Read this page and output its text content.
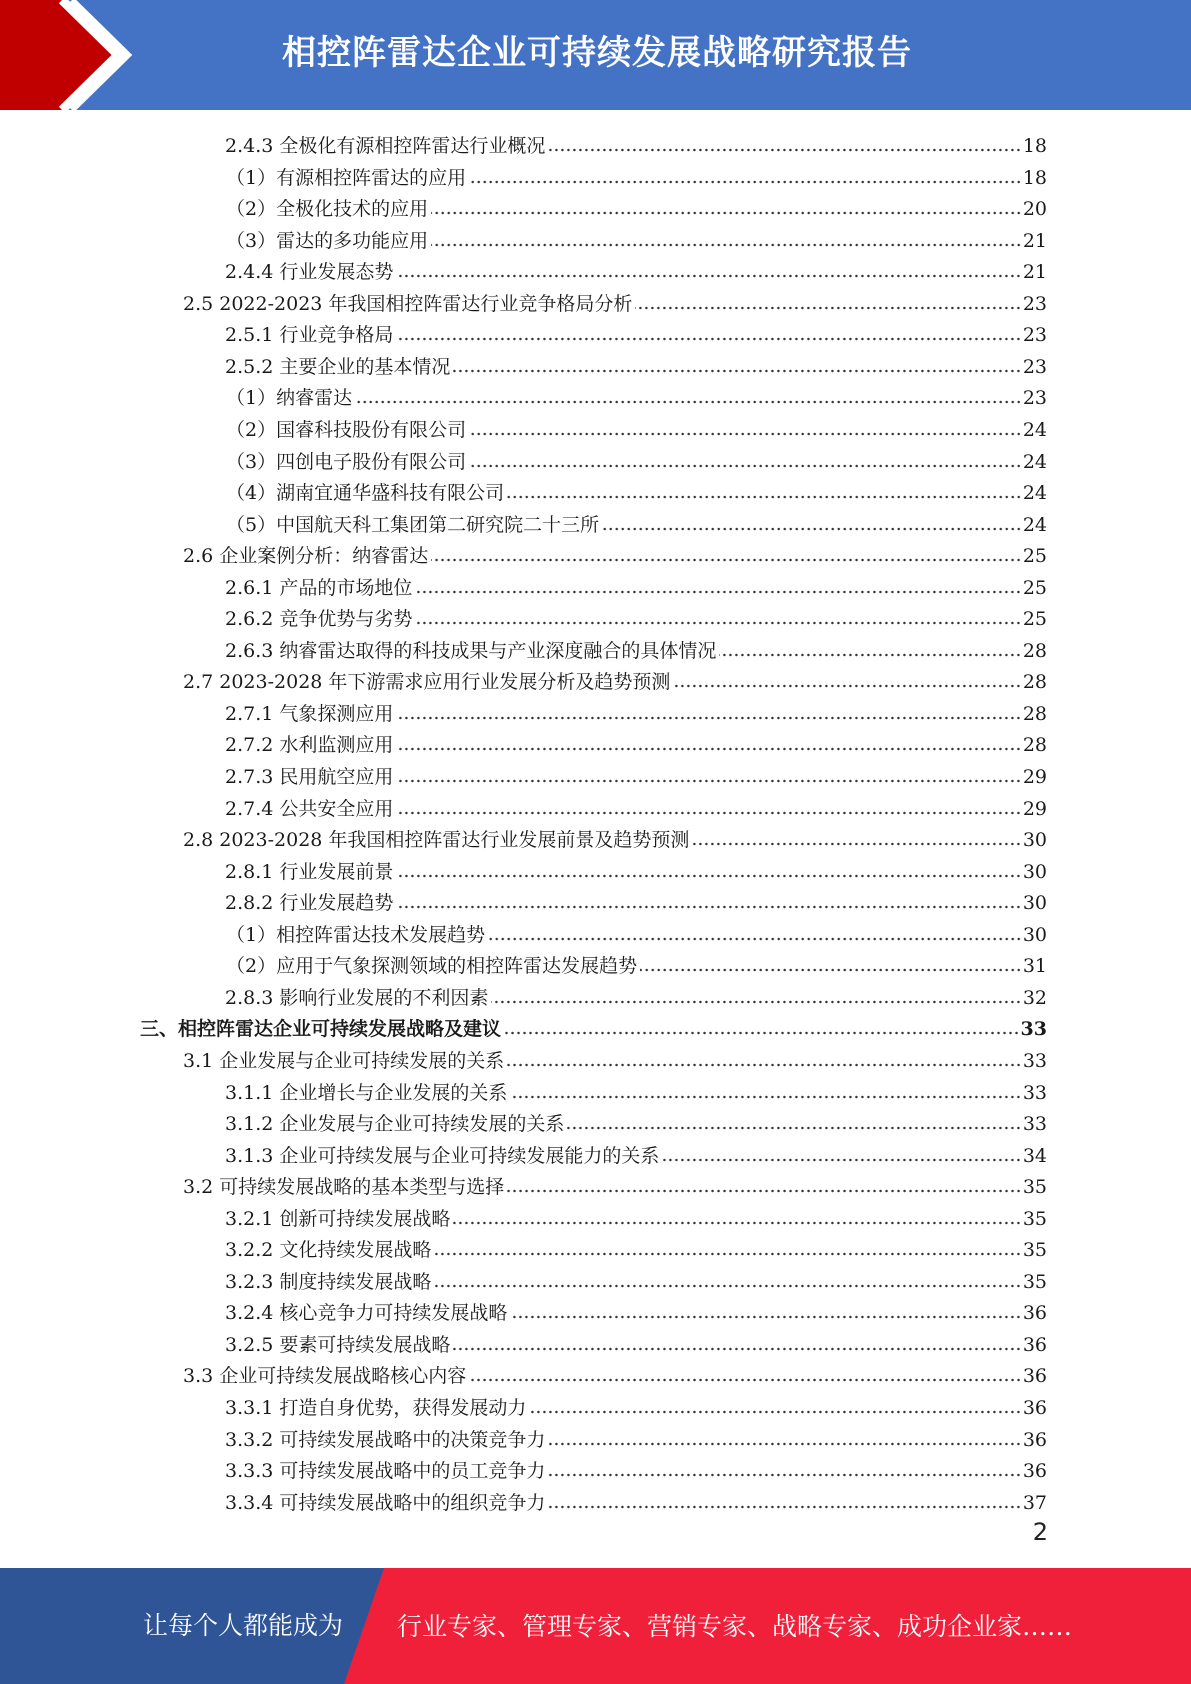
相控阵雷达企业可持续发展战略研究报告
2.4.3 全极化有源相控阵雷达行业概况	18
（1）有源相控阵雷达的应用	18
（2）全极化技术的应用	20
（3）雷达的多功能应用	21
2.4.4 行业发展态势	21
2.5 2022-2023 年我国相控阵雷达行业竞争格局分析	23
2.5.1 行业竞争格局	23
2.5.2 主要企业的基本情况	23
（1）纳睿雷达	23
（2）国睿科技股份有限公司	24
（3）四创电子股份有限公司	24
（4）湖南宜通华盛科技有限公司	24
（5）中国航天科工集团第二研究院二十三所	24
2.6 企业案例分析：纳睿雷达	25
2.6.1 产品的市场地位	25
2.6.2 竞争优势与劣势	25
2.6.3 纳睿雷达取得的科技成果与产业深度融合的具体情况	28
2.7 2023-2028 年下游需求应用行业发展分析及趋势预测	28
2.7.1 气象探测应用	28
2.7.2 水利监测应用	28
2.7.3 民用航空应用	29
2.7.4 公共安全应用	29
2.8 2023-2028 年我国相控阵雷达行业发展前景及趋势预测	30
2.8.1 行业发展前景	30
2.8.2 行业发展趋势	30
（1）相控阵雷达技术发展趋势	30
（2）应用于气象探测领域的相控阵雷达发展趋势	31
2.8.3 影响行业发展的不利因素	32
三、相控阵雷达企业可持续发展战略及建议	33
3.1 企业发展与企业可持续发展的关系	33
3.1.1 企业增长与企业发展的关系	33
3.1.2 企业发展与企业可持续发展的关系	33
3.1.3 企业可持续发展与企业可持续发展能力的关系	34
3.2 可持续发展战略的基本类型与选择	35
3.2.1 创新可持续发展战略	35
3.2.2 文化持续发展战略	35
3.2.3 制度持续发展战略	35
3.2.4 核心竞争力可持续发展战略	36
3.2.5 要素可持续发展战略	36
3.3 企业可持续发展战略核心内容	36
3.3.1 打造自身优势，获得发展动力	36
3.3.2 可持续发展战略中的决策竞争力	36
3.3.3 可持续发展战略中的员工竞争力	36
3.3.4 可持续发展战略中的组织竞争力	37
2
让每个人都能成为 行业专家、管理专家、营销专家、战略专家、成功企业家……
